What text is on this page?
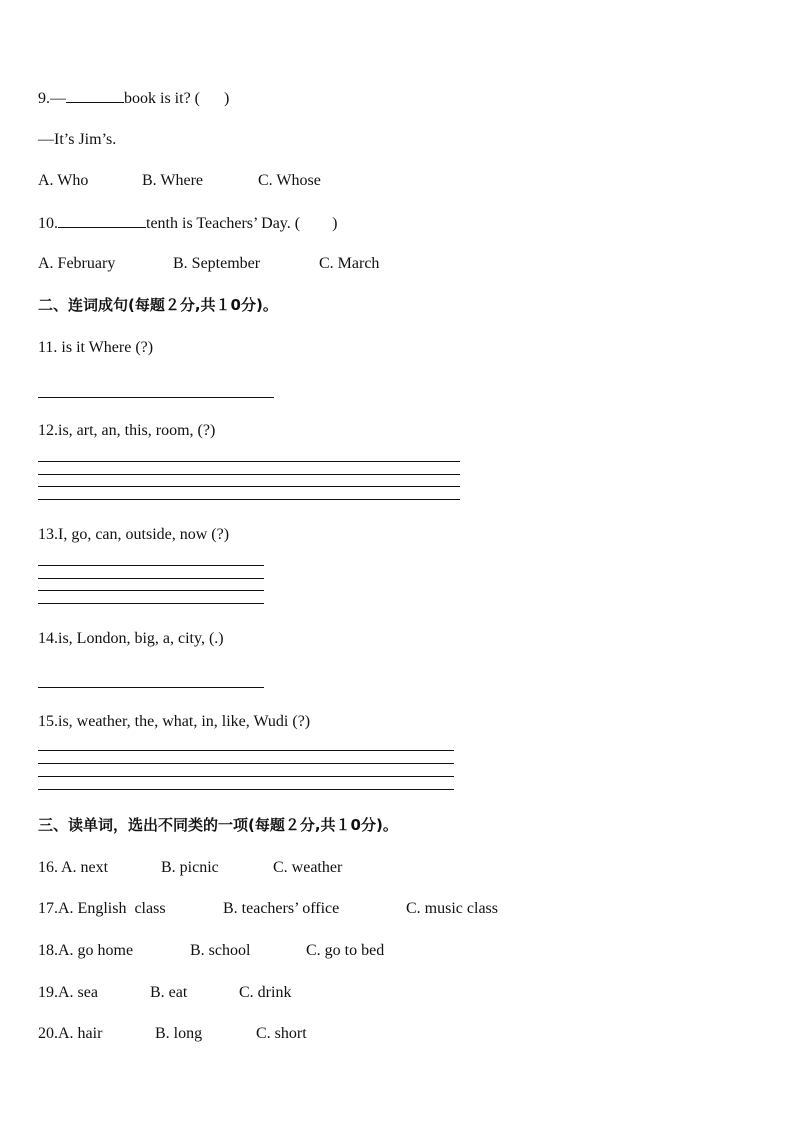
9.—	book is it? ( )
—It’s Jim’s.
A. Who	B. Where	C. Whose
10.	tenth is Teachers’ Day. ( )
A. February	B. September	C. March
二、连词成句(每题２分,共１0分)。
11. is it Where (?)
12.is, art, an, this, room, (?)
13.I, go, can, outside, now (?)
14.is, London, big, a, city, (.)
15.is, weather, the, what, in, like, Wudi (?)
三、读单词，选出不同类的一项(每题２分,共１0分)。
16. A. next	B. picnic	C. weather
17.A. English  class	B. teachers’ office	C. music class
18.A. go home	B. school	C. go to bed
19.A. sea	B. eat	C. drink
20.A. hair	B. long	C. short
